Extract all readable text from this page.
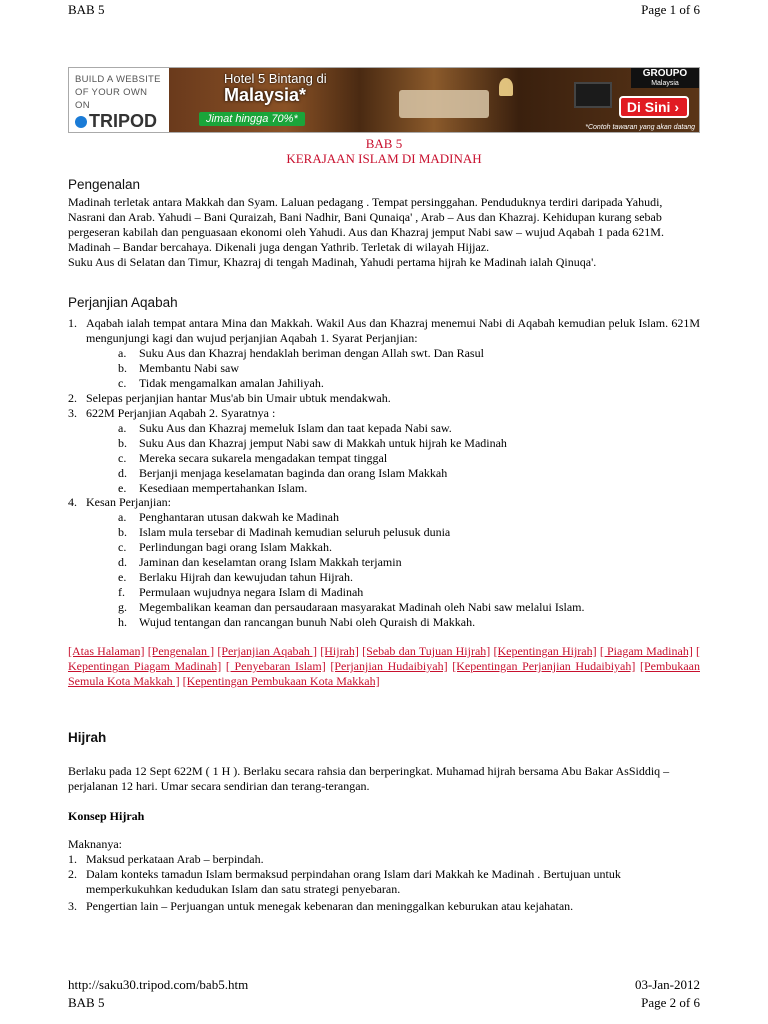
BAB 5	Page 1 of 6
BUILD A WEBSITE OF YOUR OWN ON
TRIPOD
Hotel 5 Bintang di
Malaysia*
Jimat hingga 70%*
GROUPO
Malaysia
Di Sini ›
*Contoh tawaran yang akan datang
BAB 5
KERAJAAN ISLAM DI MADINAH
Pengenalan

Madinah terletak antara Makkah dan Syam. Laluan pedagang . Tempat persinggahan. Penduduknya terdiri daripada Yahudi, Nasrani dan Arab. Yahudi – Bani Quraizah, Bani Nadhir, Bani Qunaiqa' , Arab – Aus dan Khazraj. Kehidupan kurang sebab pergeseran kabilah dan penguasaan ekonomi oleh Yahudi. Aus dan Khazraj jemput Nabi saw – wujud Aqabah 1 pada 621M.

Madinah – Bandar bercahaya. Dikenali juga dengan Yathrib. Terletak di wilayah Hijjaz.

Suku Aus di Selatan dan Timur, Khazraj di tengah Madinah, Yahudi pertama hijrah ke Madinah ialah Qinuqa'.

Perjanjian Aqabah
1. Aqabah ialah tempat antara Mina dan Makkah. Wakil Aus dan Khazraj menemui Nabi di Aqabah kemudian peluk Islam. 621M mengunjungi kagi dan wujud perjanjian Aqabah 1. Syarat Perjanjian:
a. Suku Aus dan Khazraj hendaklah beriman dengan Allah swt. Dan Rasul
b. Membantu Nabi saw
c. Tidak mengamalkan amalan Jahiliyah.
2. Selepas perjanjian hantar Mus'ab bin Umair ubtuk mendakwah.
3. 622M Perjanjian Aqabah 2. Syaratnya :
a. Suku Aus dan Khazraj memeluk Islam dan taat kepada Nabi saw.
b. Suku Aus dan Khazraj jemput Nabi saw di Makkah untuk hijrah ke Madinah
c. Mereka secara sukarela mengadakan tempat tinggal
d. Berjanji menjaga keselamatan baginda dan orang Islam Makkah
e. Kesediaan mempertahankan Islam.
4. Kesan Perjanjian:
a. Penghantaran utusan dakwah ke Madinah
b. Islam mula tersebar di Madinah kemudian seluruh pelusuk dunia
c. Perlindungan bagi orang Islam Makkah.
d. Jaminan dan keselamtan orang Islam Makkah terjamin
e. Berlaku Hijrah dan kewujudan tahun Hijrah.
f. Permulaan wujudnya negara Islam di Madinah
g. Megembalikan keaman dan persaudaraan masyarakat Madinah oleh Nabi saw melalui Islam.
h. Wujud tentangan dan rancangan bunuh Nabi oleh Quraish di Makkah.
[Atas Halaman] [Pengenalan ] [Perjanjian Aqabah ] [Hijrah] [Sebab dan Tujuan Hijrah] [Kepentingan Hijrah] [ Piagam Madinah] [ Kepentingan Piagam Madinah] [ Penyebaran Islam] [Perjanjian Hudaibiyah] [Kepentingan Perjanjian Hudaibiyah] [Pembukaan Semula Kota Makkah ] [Kepentingan Pembukaan Kota Makkah]
Hijrah

Berlaku pada 12 Sept 622M ( 1 H ). Berlaku secara rahsia dan berperingkat. Muhamad hijrah bersama Abu Bakar AsSiddiq – perjalanan 12 hari. Umar secara sendirian dan terang-terangan.

Konsep Hijrah
Maknanya:
1. Maksud perkataan Arab – berpindah.
2. Dalam konteks tamadun Islam bermaksud perpindahan orang Islam dari Makkah ke Madinah . Bertujuan untuk memperkukuhkan kedudukan Islam dan satu strategi penyebaran.
3. Pengertian lain – Perjuangan untuk menegak kebenaran dan meninggalkan keburukan atau kejahatan.
http://saku30.tripod.com/bab5.htm	03-Jan-2012
BAB 5	Page 2 of 6
